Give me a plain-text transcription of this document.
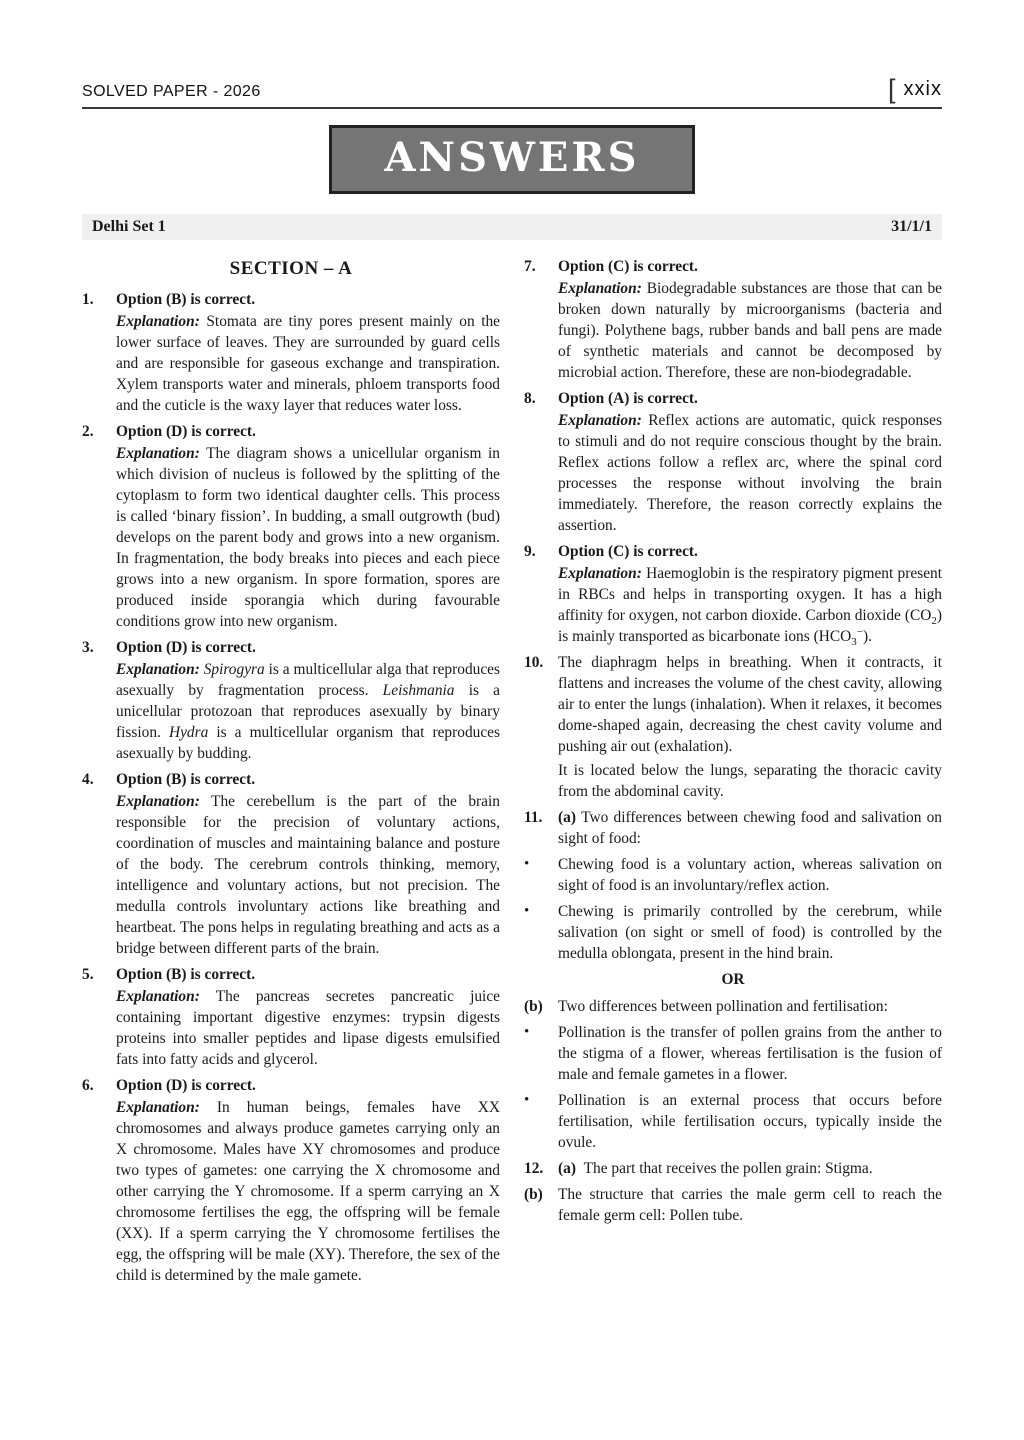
SOLVED PAPER - 2026	[ xxix
ANSWERS
Delhi Set 1	31/1/1
SECTION – A
1.	Option (B) is correct.

Explanation: Stomata are tiny pores present mainly on the lower surface of leaves. They are surrounded by guard cells and are responsible for gaseous exchange and transpiration. Xylem transports water and minerals, phloem transports food and the cuticle is the waxy layer that reduces water loss.

2.	Option (D) is correct.

Explanation: The diagram shows a unicellular organism in which division of nucleus is followed by the splitting of the cytoplasm to form two identical daughter cells. This process is called ‘binary fission’. In budding, a small outgrowth (bud) develops on the parent body and grows into a new organism. In fragmentation, the body breaks into pieces and each piece grows into a new organism. In spore formation, spores are produced inside sporangia which during favourable conditions grow into new organism.

3.	Option (D) is correct.

Explanation: Spirogyra is a multicellular alga that reproduces asexually by fragmentation process. Leishmania is a unicellular protozoan that reproduces asexually by binary fission. Hydra is a multicellular organism that reproduces asexually by budding.

4.	Option (B) is correct.

Explanation: The cerebellum is the part of the brain responsible for the precision of voluntary actions, coordination of muscles and maintaining balance and posture of the body. The cerebrum controls thinking, memory, intelligence and voluntary actions, but not precision. The medulla controls involuntary actions like breathing and heartbeat. The pons helps in regulating breathing and acts as a bridge between different parts of the brain.

5.	Option (B) is correct.

Explanation: The pancreas secretes pancreatic juice containing important digestive enzymes: trypsin digests proteins into smaller peptides and lipase digests emulsified fats into fatty acids and glycerol.

6.	Option (D) is correct.

Explanation: In human beings, females have XX chromosomes and always produce gametes carrying only an X chromosome. Males have XY chromosomes and produce two types of gametes: one carrying the X chromosome and other carrying the Y chromosome. If a sperm carrying an X chromosome fertilises the egg, the offspring will be female (XX). If a sperm carrying the Y chromosome fertilises the egg, the offspring will be male (XY). Therefore, the sex of the child is determined by the male gamete.

7.	Option (C) is correct.

Explanation: Biodegradable substances are those that can be broken down naturally by microorganisms (bacteria and fungi). Polythene bags, rubber bands and ball pens are made of synthetic materials and cannot be decomposed by microbial action. Therefore, these are non-biodegradable.

8.	Option (A) is correct.

Explanation: Reflex actions are automatic, quick responses to stimuli and do not require conscious thought by the brain. Reflex actions follow a reflex arc, where the spinal cord processes the response without involving the brain immediately. Therefore, the reason correctly explains the assertion.

9.	Option (C) is correct.

Explanation: Haemoglobin is the respiratory pigment present in RBCs and helps in transporting oxygen. It has a high affinity for oxygen, not carbon dioxide. Carbon dioxide $(CO_2)$ is mainly transported as bicarbonate ions $(HCO_3^-)$.

10. The diaphragm helps in breathing. When it contracts, it flattens and increases the volume of the chest cavity, allowing air to enter the lungs (inhalation). When it relaxes, it becomes dome-shaped again, decreasing the chest cavity volume and pushing air out (exhalation).

It is located below the lungs, separating the thoracic cavity from the abdominal cavity.

11.	(a) Two differences between chewing food and salivation on sight of food:

•	Chewing food is a voluntary action, whereas salivation on sight of food is an involuntary/reflex action.

•	Chewing is primarily controlled by the cerebrum, while salivation (on sight or smell of food) is controlled by the medulla oblongata, present in the hind brain.

OR
(b) Two differences between pollination and fertilisation:

•	Pollination is the transfer of pollen grains from the anther to the stigma of a flower, whereas fertilisation is the fusion of male and female gametes in a flower.

•	Pollination is an external process that occurs before fertilisation, while fertilisation occurs, typically inside the ovule.

12. (a)  The part that receives the pollen grain: Stigma.

(b) The structure that carries the male germ cell to reach the female germ cell: Pollen tube.
